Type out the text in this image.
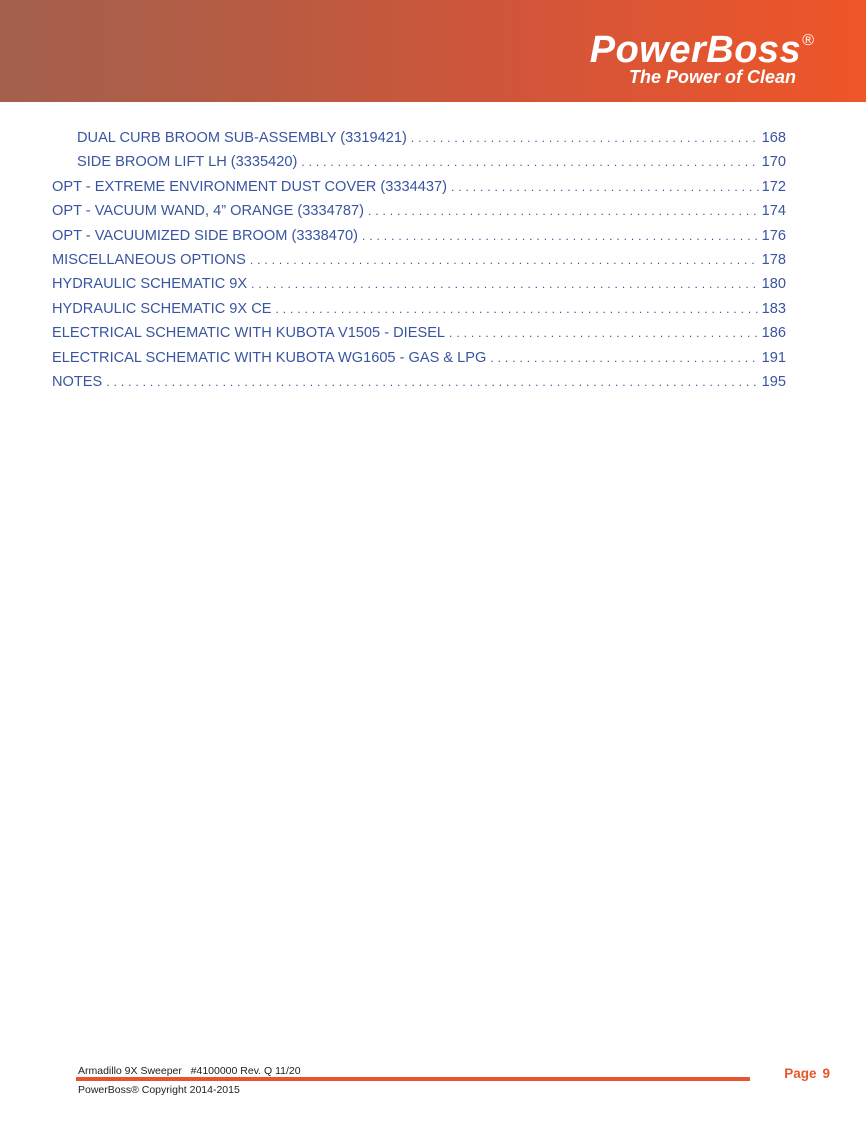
PowerBoss®
The Power of Clean
DUAL CURB BROOM SUB-ASSEMBLY (3319421) . . .	168
SIDE BROOM LIFT LH (3335420) . . .	170
OPT - EXTREME ENVIRONMENT DUST COVER (3334437) . . .	172
OPT - VACUUM WAND, 4” ORANGE (3334787) . . .	174
OPT - VACUUMIZED SIDE BROOM (3338470) . . .	176
MISCELLANEOUS OPTIONS . . .	178
HYDRAULIC SCHEMATIC 9X . . .	180
HYDRAULIC SCHEMATIC 9X CE . . .	183
ELECTRICAL SCHEMATIC WITH KUBOTA V1505 - DIESEL . . .	186
ELECTRICAL SCHEMATIC WITH KUBOTA WG1605 - GAS & LPG . . .	191
NOTES . . .	195
Armadillo 9X Sweeper   #4100000 Rev. Q 11/20
PowerBoss® Copyright 2014-2015
Page 9
